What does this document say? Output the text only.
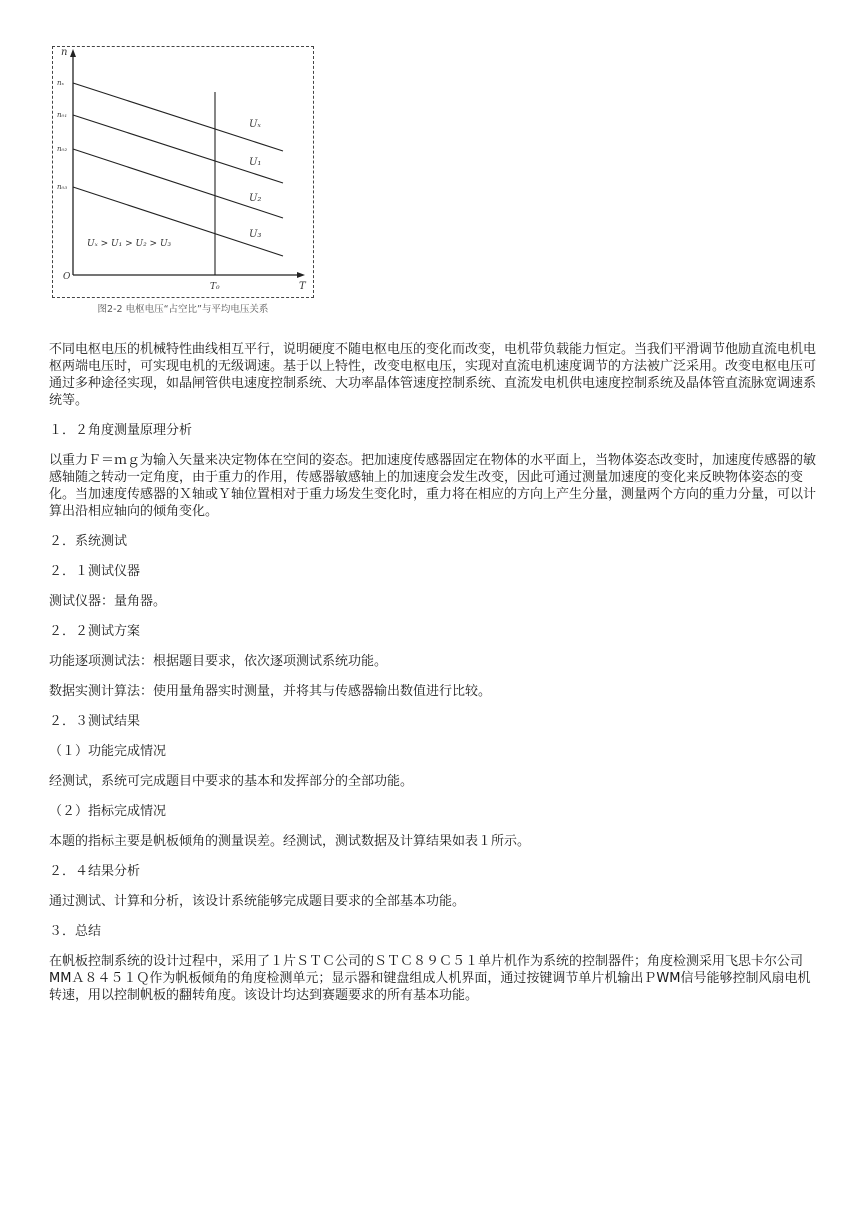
n
nₓ
n₀₁
n₀₂
n₀₃
Uₓ
U₁
U₂
U₃
Uₓ > U₁ > U₂ > U₃
O
T₀	T
图2-2 电枢电压“占空比”与平均电压关系

不同电枢电压的机械特性曲线相互平行，说明硬度不随电枢电压的变化而改变，电机带负载能力恒定。当我们平滑调节他励直流电机电枢两端电压时，可实现电机的无级调速。基于以上特性，改变电枢电压，实现对直流电机速度调节的方法被广泛采用。改变电枢电压可通过多种途径实现，如晶闸管供电速度控制系统、大功率晶体管速度控制系统、直流发电机供电速度控制系统及晶体管直流脉宽调速系统等。

１．２角度测量原理分析

以重力Ｆ＝ｍｇ为输入矢量来决定物体在空间的姿态。把加速度传感器固定在物体的水平面上，当物体姿态改变时，加速度传感器的敏感轴随之转动一定角度，由于重力的作用，传感器敏感轴上的加速度会发生改变，因此可通过测量加速度的变化来反映物体姿态的变化。当加速度传感器的Ｘ轴或Ｙ轴位置相对于重力场发生变化时，重力将在相应的方向上产生分量，测量两个方向的重力分量，可以计算出沿相应轴向的倾角变化。

２．系统测试

２．１测试仪器

测试仪器：量角器。

２．２测试方案

功能逐项测试法：根据题目要求，依次逐项测试系统功能。

数据实测计算法：使用量角器实时测量，并将其与传感器输出数值进行比较。

２．３测试结果

（１）功能完成情况

经测试，系统可完成题目中要求的基本和发挥部分的全部功能。

（２）指标完成情况

本题的指标主要是帆板倾角的测量误差。经测试，测试数据及计算结果如表１所示。

２．４结果分析

通过测试、计算和分析，该设计系统能够完成题目要求的全部基本功能。

３．总结

在帆板控制系统的设计过程中，采用了１片ＳＴＣ公司的ＳＴＣ８９Ｃ５１单片机作为系统的控制器件；角度检测采用飞思卡尔公司MMＡ８４５１Ｑ作为帆板倾角的角度检测单元；显示器和键盘组成人机界面，通过按键调节单片机输出ＰWM信号能够控制风扇电机转速，用以控制帆板的翻转角度。该设计均达到赛题要求的所有基本功能。
